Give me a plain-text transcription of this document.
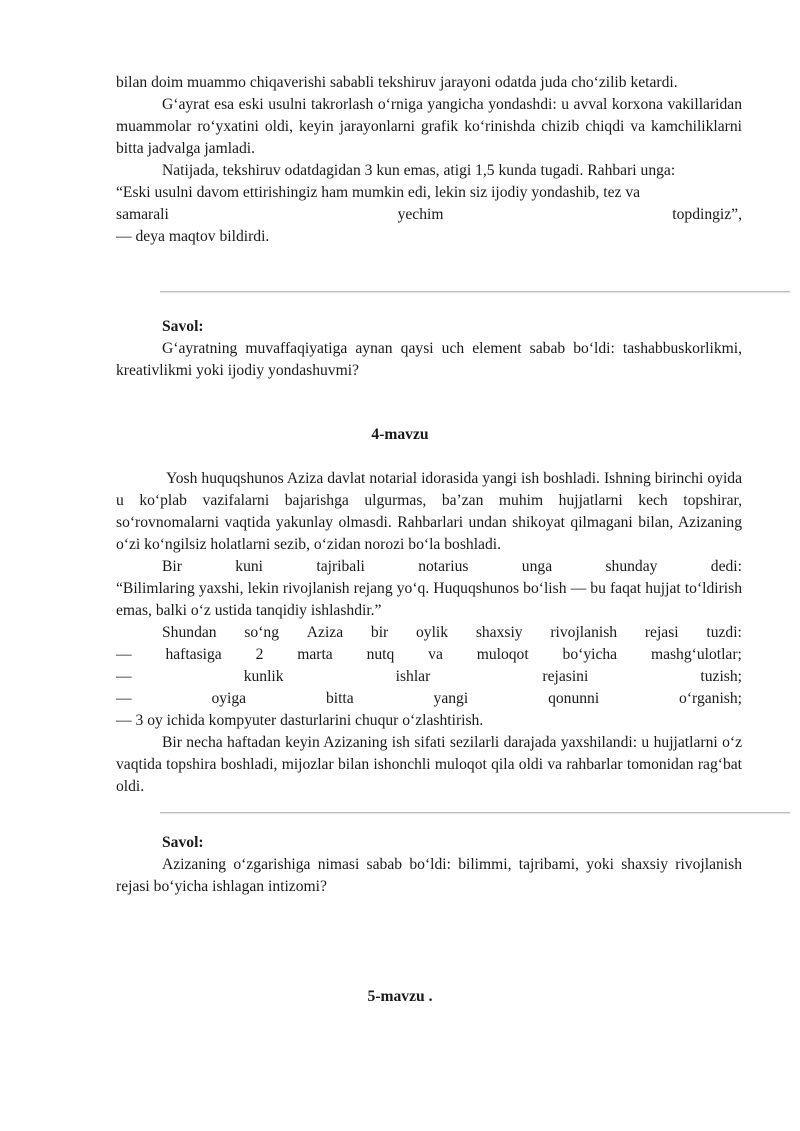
bilan doim muammo chiqaverishi sababli tekshiruv jarayoni odatda juda cho‘zilib ketardi.

G‘ayrat esa eski usulni takrorlash o‘rniga yangicha yondashdi: u avval korxona vakillaridan muammolar ro‘yxatini oldi, keyin jarayonlarni grafik ko‘rinishda chizib chiqdi va kamchiliklarni bitta jadvalga jamladi.

Natijada, tekshiruv odatdagidan 3 kun emas, atigi 1,5 kunda tugadi. Rahbari unga:

“Eski usulni davom ettirishingiz ham mumkin edi, lekin siz ijodiy yondashib, tez va

samarali	yechim	topdingiz”,

— deya maqtov bildirdi.

Savol:

G‘ayratning muvaffaqiyatiga aynan qaysi uch element sabab bo‘ldi: tashabbuskorlikmi, kreativlikmi yoki ijodiy yondashuvmi?

4-mavzu

Yosh huquqshunos Aziza davlat notarial idorasida yangi ish boshladi. Ishning birinchi oyida u ko‘plab vazifalarni bajarishga ulgurmas, ba’zan muhim hujjatlarni kech topshirar, so‘rovnomalarni vaqtida yakunlay olmasdi. Rahbarlari undan shikoyat qilmagani bilan, Azizaning o‘zi ko‘ngilsiz holatlarni sezib, o‘zidan norozi bo‘la boshladi.

Bir	kuni	tajribali	notarius	unga	shunday	dedi:

“Bilimlaring yaxshi, lekin rivojlanish rejang yo‘q. Huquqshunos bo‘lish — bu faqat hujjat to‘ldirish emas, balki o‘z ustida tanqidiy ishlashdir.”

Shundan so‘ng Aziza bir oylik shaxsiy rivojlanish rejasi tuzdi:
— haftasiga 2 marta nutq va muloqot bo‘yicha mashg‘ulotlar;
—	kunlik	ishlar	rejasini	tuzish;
—	oyiga	bitta	yangi	qonunni	o‘rganish;

— 3 oy ichida kompyuter dasturlarini chuqur o‘zlashtirish.

Bir necha haftadan keyin Azizaning ish sifati sezilarli darajada yaxshilandi: u hujjatlarni o‘z vaqtida topshira boshladi, mijozlar bilan ishonchli muloqot qila oldi va rahbarlar tomonidan rag‘bat oldi.

Savol:

Azizaning o‘zgarishiga nimasi sabab bo‘ldi: bilimmi, tajribami, yoki shaxsiy rivojlanish rejasi bo‘yicha ishlagan intizomi?

5-mavzu .
